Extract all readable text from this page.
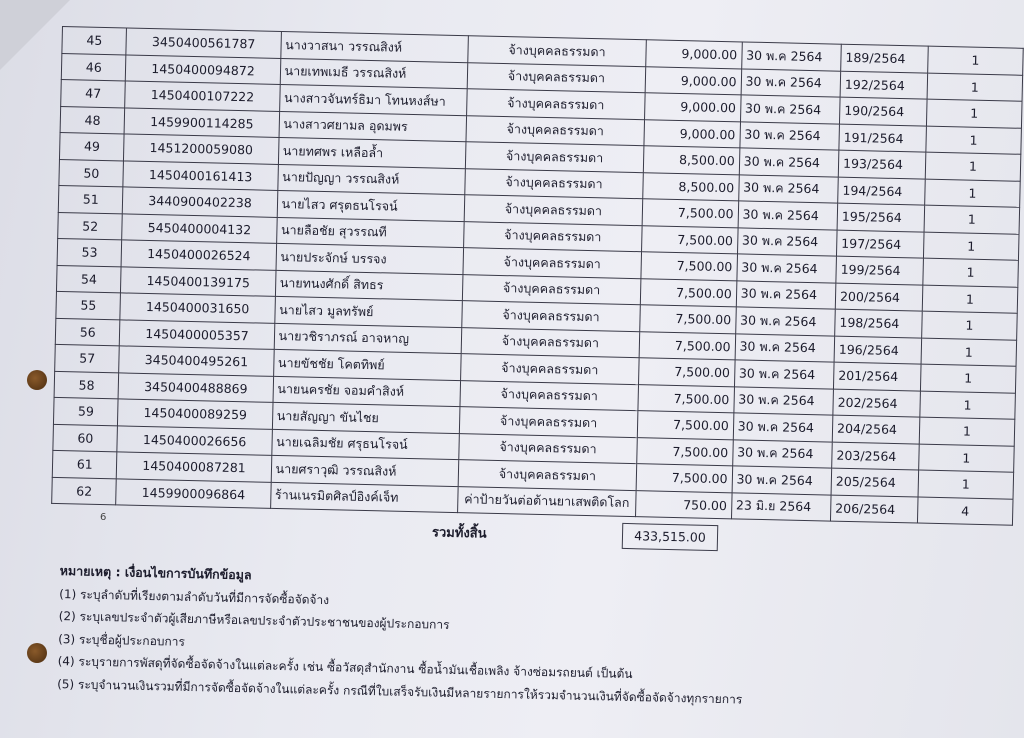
45	3450400561787	นางวาสนา วรรณสิงห์	จ้างบุคคลธรรมดา	9,000.00	30 พ.ค 2564	189/2564	1
46	1450400094872	นายเทพเมธี วรรณสิงห์	จ้างบุคคลธรรมดา	9,000.00	30 พ.ค 2564	192/2564	1
47	1450400107222	นางสาวจันทร์ธิมา โทนหงส์ษา	จ้างบุคคลธรรมดา	9,000.00	30 พ.ค 2564	190/2564	1
48	1459900114285	นางสาวศยามล อุดมพร	จ้างบุคคลธรรมดา	9,000.00	30 พ.ค 2564	191/2564	1
49	1451200059080	นายทศพร เหลือล้ำ	จ้างบุคคลธรรมดา	8,500.00	30 พ.ค 2564	193/2564	1
50	1450400161413	นายปัญญา วรรณสิงห์	จ้างบุคคลธรรมดา	8,500.00	30 พ.ค 2564	194/2564	1
51	3440900402238	นายไสว ศรุตธนโรจน์	จ้างบุคคลธรรมดา	7,500.00	30 พ.ค 2564	195/2564	1
52	5450400004132	นายลือชัย สุวรรณที	จ้างบุคคลธรรมดา	7,500.00	30 พ.ค 2564	197/2564	1
53	1450400026524	นายประจักษ์ บรรจง	จ้างบุคคลธรรมดา	7,500.00	30 พ.ค 2564	199/2564	1
54	1450400139175	นายทนงศักดิ์ สิทธร	จ้างบุคคลธรรมดา	7,500.00	30 พ.ค 2564	200/2564	1
55	1450400031650	นายไสว มูลทรัพย์	จ้างบุคคลธรรมดา	7,500.00	30 พ.ค 2564	198/2564	1
56	1450400005357	นายวชิราภรณ์ อาจหาญ	จ้างบุคคลธรรมดา	7,500.00	30 พ.ค 2564	196/2564	1
57	3450400495261	นายขัชชัย โคตทิพย์	จ้างบุคคลธรรมดา	7,500.00	30 พ.ค 2564	201/2564	1
58	3450400488869	นายนครชัย จอมคำสิงห์	จ้างบุคคลธรรมดา	7,500.00	30 พ.ค 2564	202/2564	1
59	1450400089259	นายสัญญา ขันไชย	จ้างบุคคลธรรมดา	7,500.00	30 พ.ค 2564	204/2564	1
60	1450400026656	นายเฉลิมชัย ศรุธนโรจน์	จ้างบุคคลธรรมดา	7,500.00	30 พ.ค 2564	203/2564	1
61	1450400087281	นายศราวุฒิ วรรณสิงห์	จ้างบุคคลธรรมดา	7,500.00	30 พ.ค 2564	205/2564	1
62	1459900096864	ร้านเนรมิตศิลป์อิงค์เจ็ท	ค่าป้ายวันต่อต้านยาเสพติดโลก	750.00	23 มิ.ย 2564	206/2564	4
6
รวมทั้งสิ้น	433,515.00
หมายเหตุ : เงื่อนไขการบันทึกข้อมูล
(1) ระบุลำดับที่เรียงตามลำดับวันที่มีการจัดซื้อจัดจ้าง
(2) ระบุเลขประจำตัวผู้เสียภาษีหรือเลขประจำตัวประชาชนของผู้ประกอบการ
(3) ระบุชื่อผู้ประกอบการ
(4) ระบุรายการพัสดุที่จัดซื้อจัดจ้างในแต่ละครั้ง เช่น ซื้อวัสดุสำนักงาน ซื้อน้ำมันเชื้อเพลิง จ้างซ่อมรถยนต์ เป็นต้น
(5) ระบุจำนวนเงินรวมที่มีการจัดซื้อจัดจ้างในแต่ละครั้ง กรณีที่ใบเสร็จรับเงินมีหลายรายการให้รวมจำนวนเงินที่จัดซื้อจัดจ้างทุกรายการ
